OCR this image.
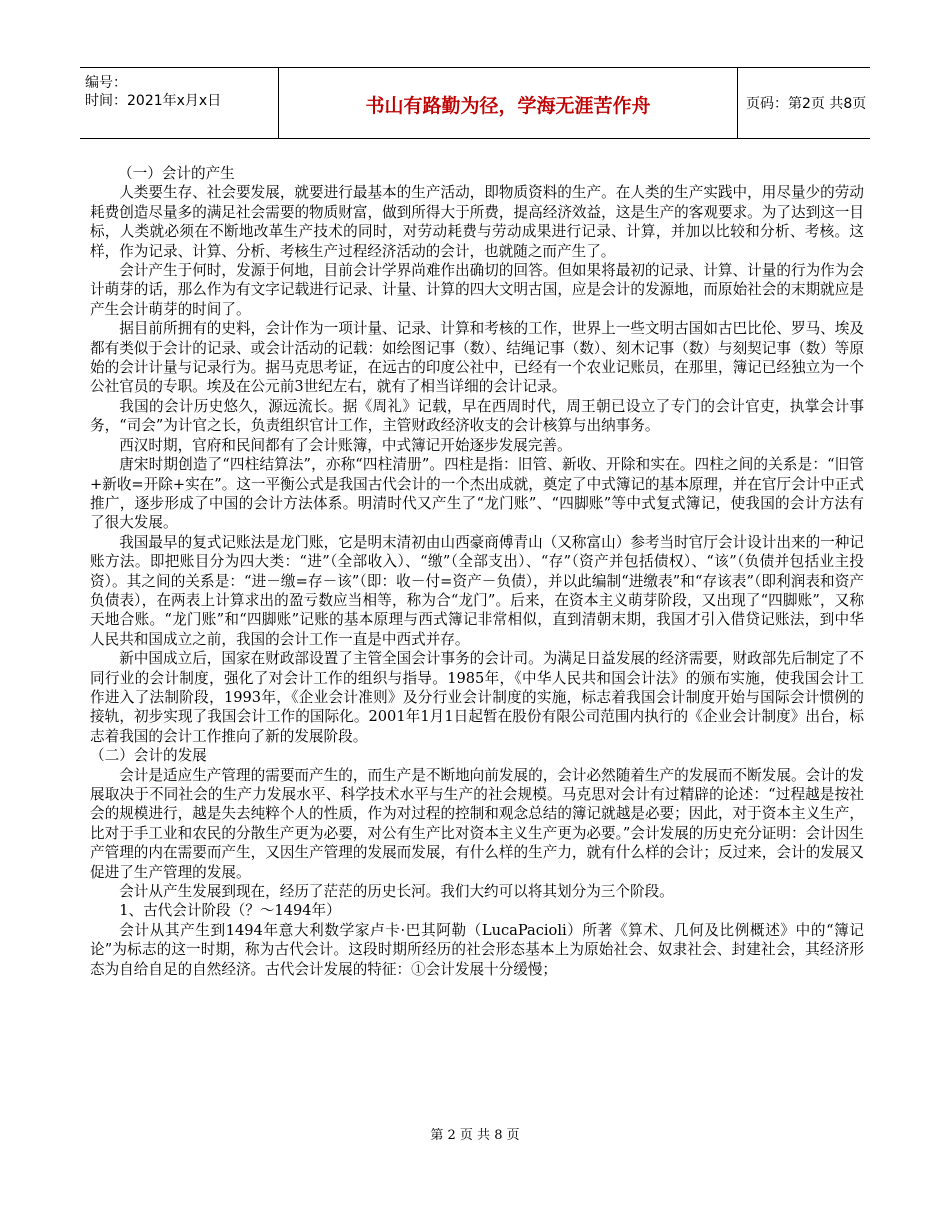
编号：
时间：2021年x月x日	书山有路勤为径，学海无涯苦作舟	页码：第2页 共8页

（一）会计的产生

人类要生存、社会要发展，就要进行最基本的生产活动，即物质资料的生产。在人类的生产实践中，用尽量少的劳动耗费创造尽量多的满足社会需要的物质财富，做到所得大于所费，提高经济效益，这是生产的客观要求。为了达到这一目标，人类就必须在不断地改革生产技术的同时，对劳动耗费与劳动成果进行记录、计算，并加以比较和分析、考核。这样，作为记录、计算、分析、考核生产过程经济活动的会计，也就随之而产生了。

会计产生于何时，发源于何地，目前会计学界尚难作出确切的回答。但如果将最初的记录、计算、计量的行为作为会计萌芽的话，那么作为有文字记载进行记录、计量、计算的四大文明古国，应是会计的发源地，而原始社会的末期就应是产生会计萌芽的时间了。

据目前所拥有的史料，会计作为一项计量、记录、计算和考核的工作，世界上一些文明古国如古巴比伦、罗马、埃及都有类似于会计的记录、或会计活动的记载：如绘图记事（数）、结绳记事（数）、刻木记事（数）与刻契记事（数）等原始的会计计量与记录行为。据马克思考证，在远古的印度公社中，已经有一个农业记账员，在那里，簿记已经独立为一个公社官员的专职。埃及在公元前3世纪左右，就有了相当详细的会计记录。

我国的会计历史悠久，源远流长。据《周礼》记载，早在西周时代，周王朝已设立了专门的会计官吏，执掌会计事务，“司会”为计官之长，负责组织官计工作，主管财政经济收支的会计核算与出纳事务。

西汉时期，官府和民间都有了会计账簿，中式簿记开始逐步发展完善。

唐宋时期创造了“四柱结算法”，亦称“四柱清册”。四柱是指：旧管、新收、开除和实在。四柱之间的关系是：“旧管+新收=开除+实在”。这一平衡公式是我国古代会计的一个杰出成就，奠定了中式簿记的基本原理，并在官厅会计中正式推广，逐步形成了中国的会计方法体系。明清时代又产生了“龙门账”、“四脚账”等中式复式簿记，使我国的会计方法有了很大发展。

我国最早的复式记账法是龙门账，它是明末清初由山西豪商傅青山（又称富山）参考当时官厅会计设计出来的一种记账方法。即把账目分为四大类：“进”（全部收入）、“缴”（全部支出）、“存”（资产并包括债权）、“该”（负债并包括业主投资）。其之间的关系是：“进－缴=存－该”（即：收－付=资产－负债），并以此编制“进缴表”和“存该表”（即利润表和资产负债表），在两表上计算求出的盈亏数应当相等，称为合“龙门”。后来，在资本主义萌芽阶段，又出现了“四脚账”，又称天地合账。“龙门账”和“四脚账”记账的基本原理与西式簿记非常相似，直到清朝末期，我国才引入借贷记账法，到中华人民共和国成立之前，我国的会计工作一直是中西式并存。

新中国成立后，国家在财政部设置了主管全国会计事务的会计司。为满足日益发展的经济需要，财政部先后制定了不同行业的会计制度，强化了对会计工作的组织与指导。1985年，《中华人民共和国会计法》的颁布实施，使我国会计工作进入了法制阶段，1993年，《企业会计准则》及分行业会计制度的实施，标志着我国会计制度开始与国际会计惯例的接轨，初步实现了我国会计工作的国际化。2001年1月1日起暂在股份有限公司范围内执行的《企业会计制度》出台，标志着我国的会计工作推向了新的发展阶段。

（二）会计的发展

会计是适应生产管理的需要而产生的，而生产是不断地向前发展的，会计必然随着生产的发展而不断发展。会计的发展取决于不同社会的生产力发展水平、科学技术水平与生产的社会规模。马克思对会计有过精辟的论述：“过程越是按社会的规模进行，越是失去纯粹个人的性质，作为对过程的控制和观念总结的簿记就越是必要；因此，对于资本主义生产，比对于手工业和农民的分散生产更为必要，对公有生产比对资本主义生产更为必要。”会计发展的历史充分证明：会计因生产管理的内在需要而产生，又因生产管理的发展而发展，有什么样的生产力，就有什么样的会计；反过来，会计的发展又促进了生产管理的发展。

会计从产生发展到现在，经历了茫茫的历史长河。我们大约可以将其划分为三个阶段。

1、古代会计阶段（？～1494年）

会计从其产生到1494年意大利数学家卢卡·巴其阿勒（LucaPacioli）所著《算术、几何及比例概述》中的“簿记论”为标志的这一时期，称为古代会计。这段时期所经历的社会形态基本上为原始社会、奴隶社会、封建社会，其经济形态为自给自足的自然经济。古代会计发展的特征：①会计发展十分缓慢；

第 2 页 共 8 页
